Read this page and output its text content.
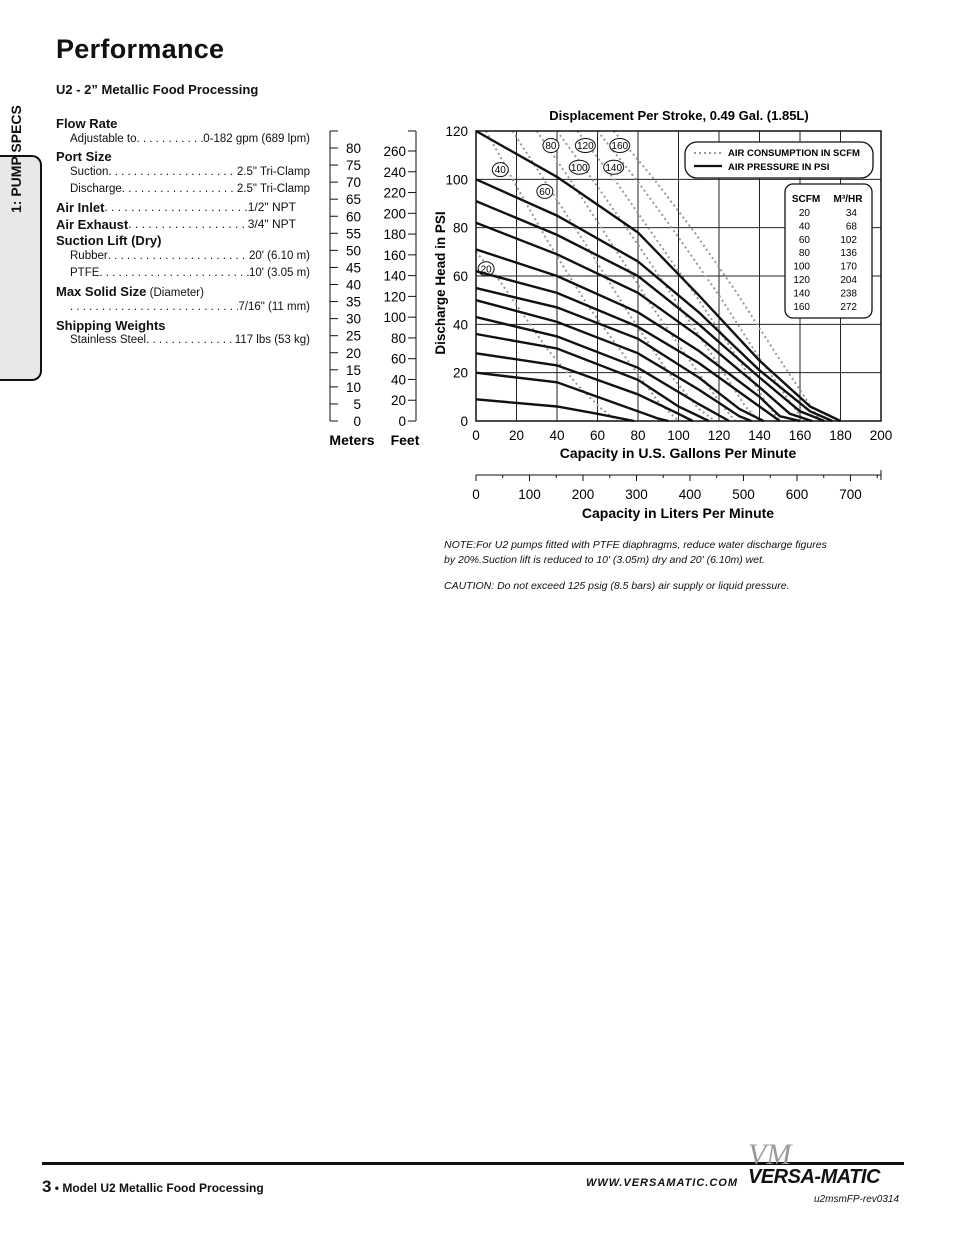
Performance
U2 - 2” Metallic Food Processing
1: PUMP SPECS Flow Rate
Adjustable to . . .	0-182 gpm (689 lpm)
Port Size
Suction . . .	2.5" Tri-Clamp
Discharge . . .	2.5" Tri-Clamp
Air Inlet . . .	1/2" NPT
Air Exhaust . . .	3/4" NPT
Suction Lift (Dry)
Rubber . . .	20' (6.10 m)
PTFE . . .	10' (3.05 m)
Max Solid Size (Diameter)
. . .
7/16" (11 mm)
Shipping Weights
Stainless Steel . . .	117 lbs (53 kg)
80
75
70
65
60
55
50
45
40
35
30
25
20
15
10
5
0
Meters
260
240
220
200
180
160
140
120
100
80
60
40
20
0
Feet
20
40
60
80
100
120
140
160
0 20 40 60 80 100 120 140 160 180 200
0
20
40
60
80
100
120
Capacity in U.S. Gallons Per Minute
Displacement Per Stroke, 0.49 Gal. (1.85L)
Discharge Head in PSI
0	100 200 300 400 500 600 700
Capacity in Liters Per Minute
AIR CONSUMPTION IN SCFM
AIR PRESSURE IN PSI
SCFM M³/HR
20	34
40	68
60	102
80	136
100	170
120	204
140	238
160	272
NOTE:For U2 pumps fitted with PTFE diaphragms, reduce water discharge figures
by 20%.Suction lift is reduced to 10' (3.05m) dry and 20' (6.10m) wet.
CAUTION: Do not exceed 125 psig (8.5 bars) air supply or liquid pressure.
3 • Model U2 Metallic Food Processing	WWW.VERSAMATIC.COM
VM
VERSA-MATIC
u2msmFP-rev0314
